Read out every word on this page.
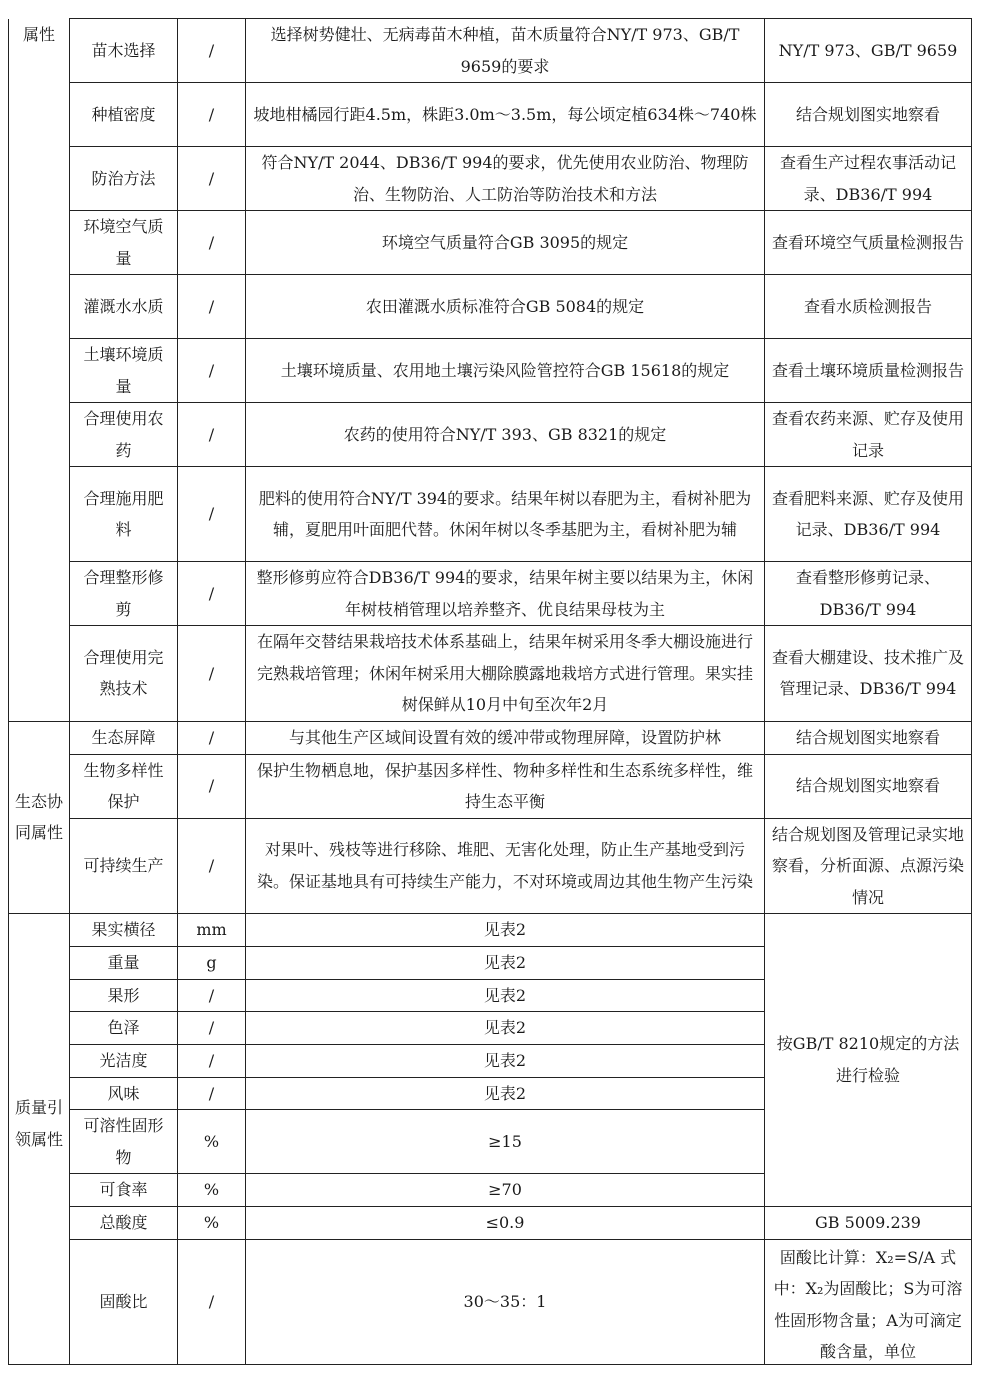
属性	苗木选择	/	选择树势健壮、无病毒苗木种植，苗木质量符合NY/T 973、GB/T 9659的要求	NY/T 973、GB/T 9659
	种植密度	/	坡地柑橘园行距4.5m，株距3.0m～3.5m，每公顷定植634株～740株	结合规划图实地察看
	防治方法	/	符合NY/T 2044、DB36/T 994的要求，优先使用农业防治、物理防治、生物防治、人工防治等防治技术和方法	查看生产过程农事活动记录、DB36/T 994
	环境空气质量	/	环境空气质量符合GB 3095的规定	查看环境空气质量检测报告
	灌溉水水质	/	农田灌溉水质标准符合GB 5084的规定	查看水质检测报告
	土壤环境质量	/	土壤环境质量、农用地土壤污染风险管控符合GB 15618的规定	查看土壤环境质量检测报告
	合理使用农药	/	农药的使用符合NY/T 393、GB 8321的规定	查看农药来源、贮存及使用记录
	合理施用肥料	/	肥料的使用符合NY/T 394的要求。结果年树以春肥为主，看树补肥为辅，夏肥用叶面肥代替。休闲年树以冬季基肥为主，看树补肥为辅	查看肥料来源、贮存及使用记录、DB36/T 994
	合理整形修剪	/	整形修剪应符合DB36/T 994的要求，结果年树主要以结果为主，休闲年树枝梢管理以培养整齐、优良结果母枝为主	查看整形修剪记录、DB36/T 994
	合理使用完熟技术	/	在隔年交替结果栽培技术体系基础上，结果年树采用冬季大棚设施进行完熟栽培管理；休闲年树采用大棚除膜露地栽培方式进行管理。果实挂树保鲜从10月中旬至次年2月	查看大棚建设、技术推广及管理记录、DB36/T 994
生态协同属性	生态屏障	/	与其他生产区域间设置有效的缓冲带或物理屏障，设置防护林	结合规划图实地察看
	生物多样性保护	/	保护生物栖息地，保护基因多样性、物种多样性和生态系统多样性，维持生态平衡	结合规划图实地察看
	可持续生产	/	对果叶、残枝等进行移除、堆肥、无害化处理，防止生产基地受到污染。保证基地具有可持续生产能力，不对环境或周边其他生物产生污染	结合规划图及管理记录实地察看，分析面源、点源污染情况
质量引领属性	果实横径	mm	见表2	按GB/T 8210规定的方法进行检验
	重量	g	见表2	
	果形	/	见表2	
	色泽	/	见表2	
	光洁度	/	见表2	
	风味	/	见表2	
	可溶性固形物	%	≥15	
	可食率	%	≥70	
	总酸度	%	≤0.9	GB 5009.239
	固酸比	/	30～35：1	固酸比计算：X₂=S/A 式中：X₂为固酸比；S为可溶性固形物含量；A为可滴定酸含量，单位
